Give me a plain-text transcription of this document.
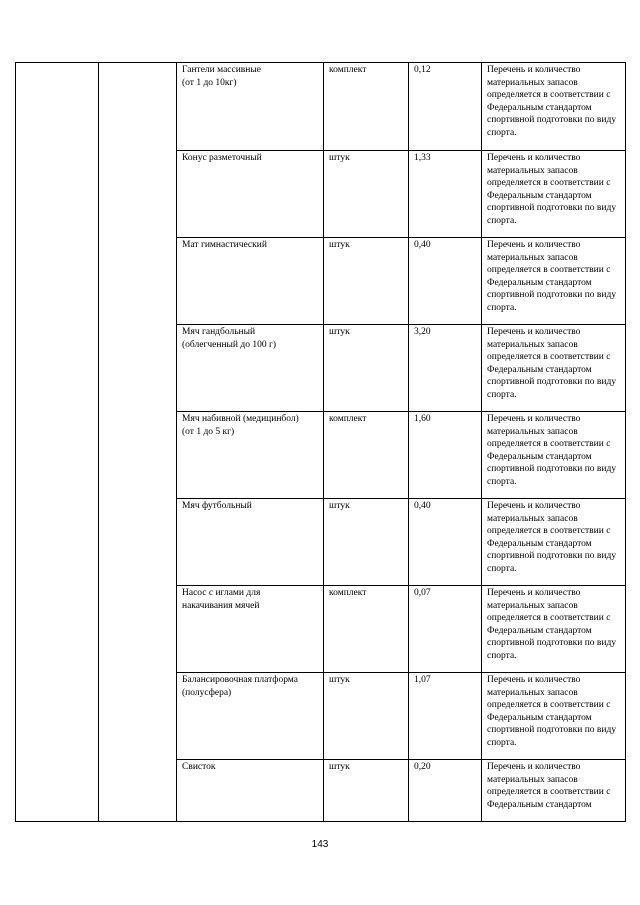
		Гантели массивные
(от 1 до 10кг)	комплект	0,12	Перечень и количество материальных запасов определяется в соответствии с Федеральным стандартом спортивной подготовки по виду спорта.

		Конус разметочный	штук	1,33	Перечень и количество материальных запасов определяется в соответствии с Федеральным стандартом спортивной подготовки по виду спорта.

		Мат гимнастический	штук	0,40	Перечень и количество материальных запасов определяется в соответствии с Федеральным стандартом спортивной подготовки по виду спорта.

		Мяч гандбольный
(облегченный до 100 г)	штук	3,20	Перечень и количество материальных запасов определяется в соответствии с Федеральным стандартом спортивной подготовки по виду спорта.

		Мяч набивной (медицинбол)
(от 1 до 5 кг)	комплект	1,60	Перечень и количество материальных запасов определяется в соответствии с Федеральным стандартом спортивной подготовки по виду спорта.

		Мяч футбольный	штук	0,40	Перечень и количество материальных запасов определяется в соответствии с Федеральным стандартом спортивной подготовки по виду спорта.

		Насос с иглами для
накачивания мячей	комплект	0,07	Перечень и количество материальных запасов определяется в соответствии с Федеральным стандартом спортивной подготовки по виду спорта.

		Балансировочная платформа
(полусфера)	штук	1,07	Перечень и количество материальных запасов определяется в соответствии с Федеральным стандартом спортивной подготовки по виду спорта.

		Свисток	штук	0,20	Перечень и количество материальных запасов определяется в соответствии с Федеральным стандартом
143
